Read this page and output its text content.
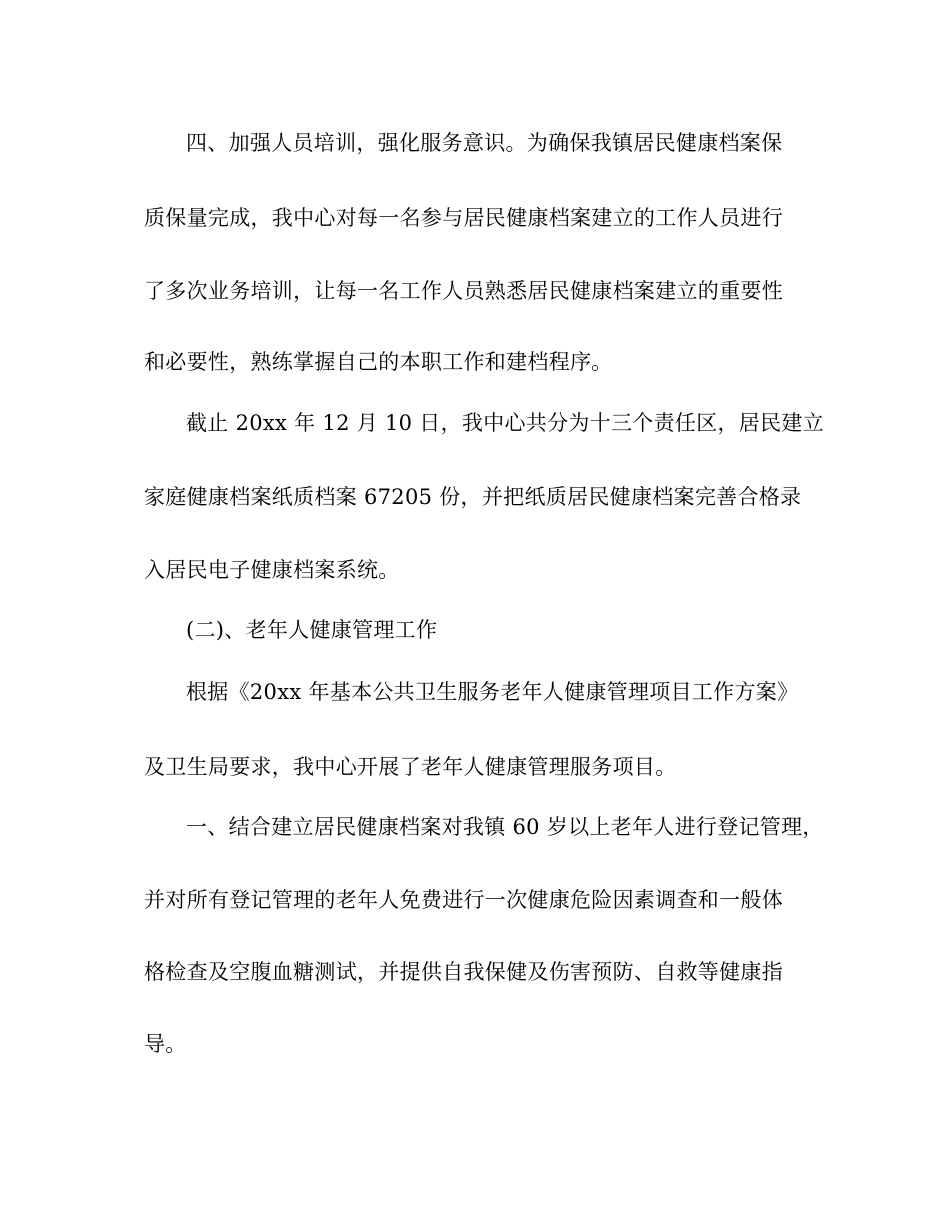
四、加强人员培训，强化服务意识。为确保我镇居民健康档案保
质保量完成，我中心对每一名参与居民健康档案建立的工作人员进行
了多次业务培训，让每一名工作人员熟悉居民健康档案建立的重要性
和必要性，熟练掌握自己的本职工作和建档程序。
截止 20xx 年 12 月 10 日，我中心共分为十三个责任区，居民建立
家庭健康档案纸质档案 67205 份，并把纸质居民健康档案完善合格录
入居民电子健康档案系统。
(二)、老年人健康管理工作
根据《20xx 年基本公共卫生服务老年人健康管理项目工作方案》
及卫生局要求，我中心开展了老年人健康管理服务项目。
一、结合建立居民健康档案对我镇 60 岁以上老年人进行登记管理，
并对所有登记管理的老年人免费进行一次健康危险因素调查和一般体
格检查及空腹血糖测试，并提供自我保健及伤害预防、自救等健康指
导。
